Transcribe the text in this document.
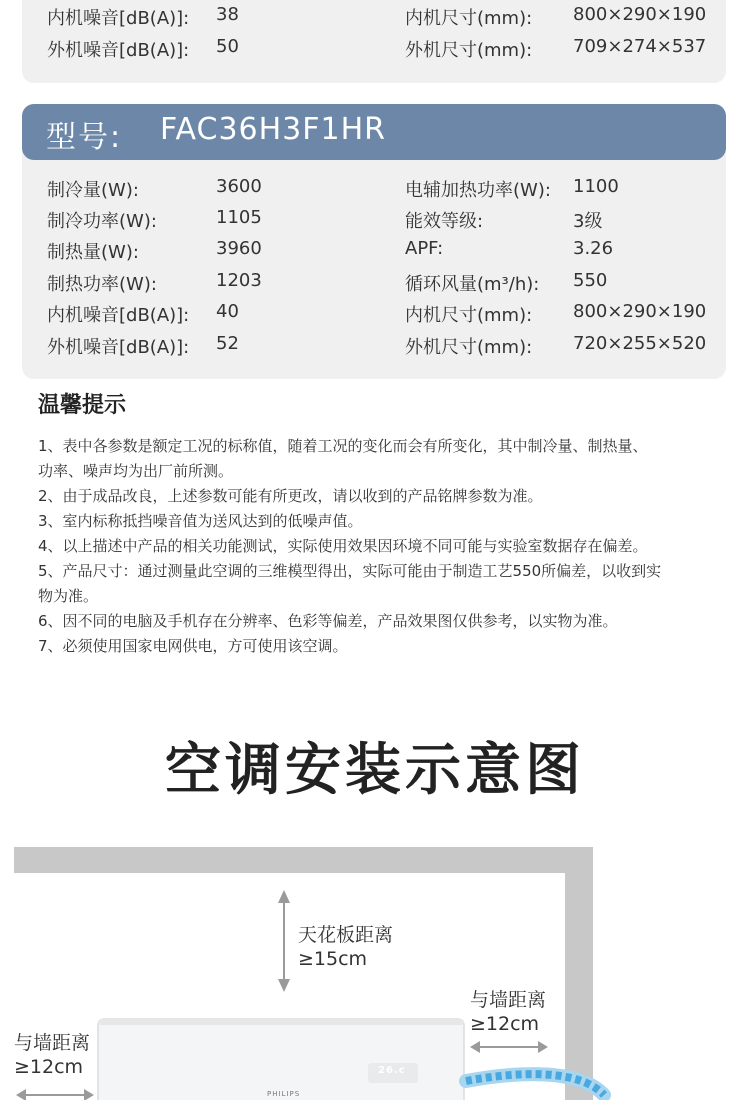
内机噪音[dB(A)]: 38	内机尺寸(mm): 800×290×190
外机噪音[dB(A)]: 50	外机尺寸(mm): 709×274×537
型号: FAC36H3F1HR
制冷量(W):	3600	电辅加热功率(W): 1100
制冷功率(W):	1105	能效等级:	3级
制热量(W):	3960	APF:	3.26
制热功率(W):	1203	循环风量(m³/h): 550
内机噪音[dB(A)]: 40	内机尺寸(mm): 800×290×190
外机噪音[dB(A)]: 52	外机尺寸(mm): 720×255×520
温馨提示
1、表中各参数是额定工况的标称值，随着工况的变化而会有所变化，其中制冷量、制热量、
功率、噪声均为出厂前所测。
2、由于成品改良，上述参数可能有所更改，请以收到的产品铭牌参数为准。
3、室内标称抵挡噪音值为送风达到的低噪声值。
4、以上描述中产品的相关功能测试，实际使用效果因环境不同可能与实验室数据存在偏差。
5、产品尺寸：通过测量此空调的三维模型得出，实际可能由于制造工艺550所偏差，以收到实
物为准。
6、因不同的电脑及手机存在分辨率、色彩等偏差，产品效果图仅供参考，以实物为准。
7、必须使用国家电网供电，方可使用该空调。
空调安装示意图
天花板距离
≥15cm
与墙距离
≥12cm
与墙距离
≥12cm	26.c
PHILIPS
